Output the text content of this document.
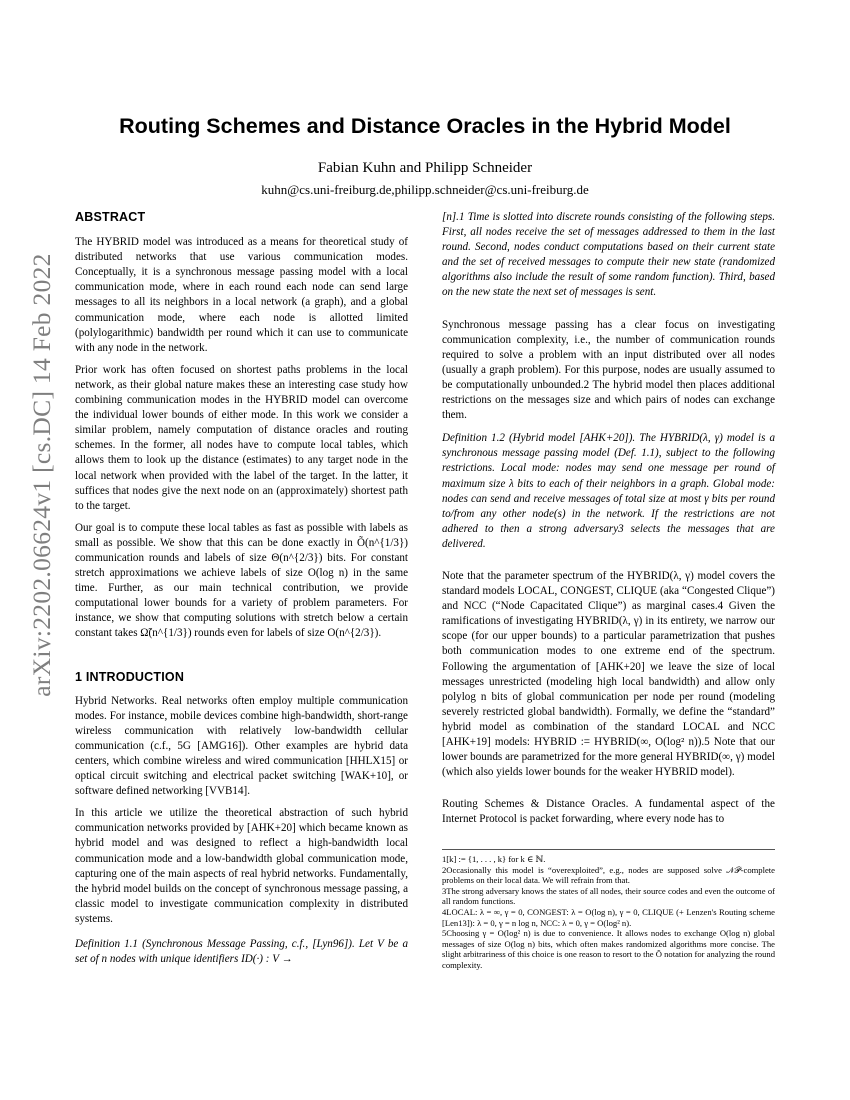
arXiv:2202.06624v1 [cs.DC] 14 Feb 2022
Routing Schemes and Distance Oracles in the Hybrid Model
Fabian Kuhn and Philipp Schneider
kuhn@cs.uni-freiburg.de,philipp.schneider@cs.uni-freiburg.de
ABSTRACT

The HYBRID model was introduced as a means for theoretical study of distributed networks that use various communication modes. Conceptually, it is a synchronous message passing model with a local communication mode, where in each round each node can send large messages to all its neighbors in a local network (a graph), and a global communication mode, where each node is allotted limited (polylogarithmic) bandwidth per round which it can use to communicate with any node in the network.

Prior work has often focused on shortest paths problems in the local network, as their global nature makes these an interesting case study how combining communication modes in the HYBRID model can overcome the individual lower bounds of either mode. In this work we consider a similar problem, namely computation of distance oracles and routing schemes. In the former, all nodes have to compute local tables, which allows them to look up the distance (estimates) to any target node in the local network when provided with the label of the target. In the latter, it suffices that nodes give the next node on an (approximately) shortest path to the target.

Our goal is to compute these local tables as fast as possible with labels as small as possible. We show that this can be done exactly in Õ(n^{1/3}) communication rounds and labels of size Θ(n^{2/3}) bits. For constant stretch approximations we achieve labels of size O(log n) in the same time. Further, as our main technical contribution, we provide computational lower bounds for a variety of problem parameters. For instance, we show that computing solutions with stretch below a certain constant takes Ω̃(n^{1/3}) rounds even for labels of size O(n^{2/3}).

1 INTRODUCTION

Hybrid Networks. Real networks often employ multiple communication modes. For instance, mobile devices combine high-bandwidth, short-range wireless communication with relatively low-bandwidth cellular communication (c.f., 5G [AMG16]). Other examples are hybrid data centers, which combine wireless and wired communication [HHLX15] or optical circuit switching and electrical packet switching [WAK+10], or software defined networking [VVB14].

In this article we utilize the theoretical abstraction of such hybrid communication networks provided by [AHK+20] which became known as hybrid model and was designed to reflect a high-bandwidth local communication mode and a low-bandwidth global communication mode, capturing one of the main aspects of real hybrid networks. Fundamentally, the hybrid model builds on the concept of synchronous message passing, a classic model to investigate communication complexity in distributed systems.

Definition 1.1 (Synchronous Message Passing, c.f., [Lyn96]). Let V be a set of n nodes with unique identifiers ID(·) : V →

[n].1 Time is slotted into discrete rounds consisting of the following steps. First, all nodes receive the set of messages addressed to them in the last round. Second, nodes conduct computations based on their current state and the set of received messages to compute their new state (randomized algorithms also include the result of some random function). Third, based on the new state the next set of messages is sent.

Synchronous message passing has a clear focus on investigating communication complexity, i.e., the number of communication rounds required to solve a problem with an input distributed over all nodes (usually a graph problem). For this purpose, nodes are usually assumed to be computationally unbounded.2 The hybrid model then places additional restrictions on the messages size and which pairs of nodes can exchange them.

Definition 1.2 (Hybrid model [AHK+20]). The HYBRID(λ, γ) model is a synchronous message passing model (Def. 1.1), subject to the following restrictions. Local mode: nodes may send one message per round of maximum size λ bits to each of their neighbors in a graph. Global mode: nodes can send and receive messages of total size at most γ bits per round to/from any other node(s) in the network. If the restrictions are not adhered to then a strong adversary3 selects the messages that are delivered.

Note that the parameter spectrum of the HYBRID(λ, γ) model covers the standard models LOCAL, CONGEST, CLIQUE (aka “Congested Clique”) and NCC (“Node Capacitated Clique”) as marginal cases.4 Given the ramifications of investigating HYBRID(λ, γ) in its entirety, we narrow our scope (for our upper bounds) to a particular parametrization that pushes both communication modes to one extreme end of the spectrum. Following the argumentation of [AHK+20] we leave the size of local messages unrestricted (modeling high local bandwidth) and allow only polylog n bits of global communication per node per round (modeling severely restricted global bandwidth). Formally, we define the “standard” hybrid model as combination of the standard LOCAL and NCC [AHK+19] models: HYBRID := HYBRID(∞, O(log² n)).5 Note that our lower bounds are parametrized for the more general HYBRID(∞, γ) model (which also yields lower bounds for the weaker HYBRID model).

Routing Schemes & Distance Oracles. A fundamental aspect of the Internet Protocol is packet forwarding, where every node has to

1[k] := {1, . . . , k} for k ∈ ℕ.
2Occasionally this model is “overexploited”, e.g., nodes are supposed solve 𝒩𝒫-complete problems on their local data. We will refrain from that.
3The strong adversary knows the states of all nodes, their source codes and even the outcome of all random functions.
4LOCAL: λ = ∞, γ = 0, CONGEST: λ = O(log n), γ = 0, CLIQUE (+ Lenzen's Routing scheme [Len13]): λ = 0, γ = n log n, NCC: λ = 0, γ = O(log² n).
5Choosing γ = O(log² n) is due to convenience. It allows nodes to exchange O(log n) global messages of size O(log n) bits, which often makes randomized algorithms more concise. The slight arbitrariness of this choice is one reason to resort to the Õ notation for analyzing the round complexity.
